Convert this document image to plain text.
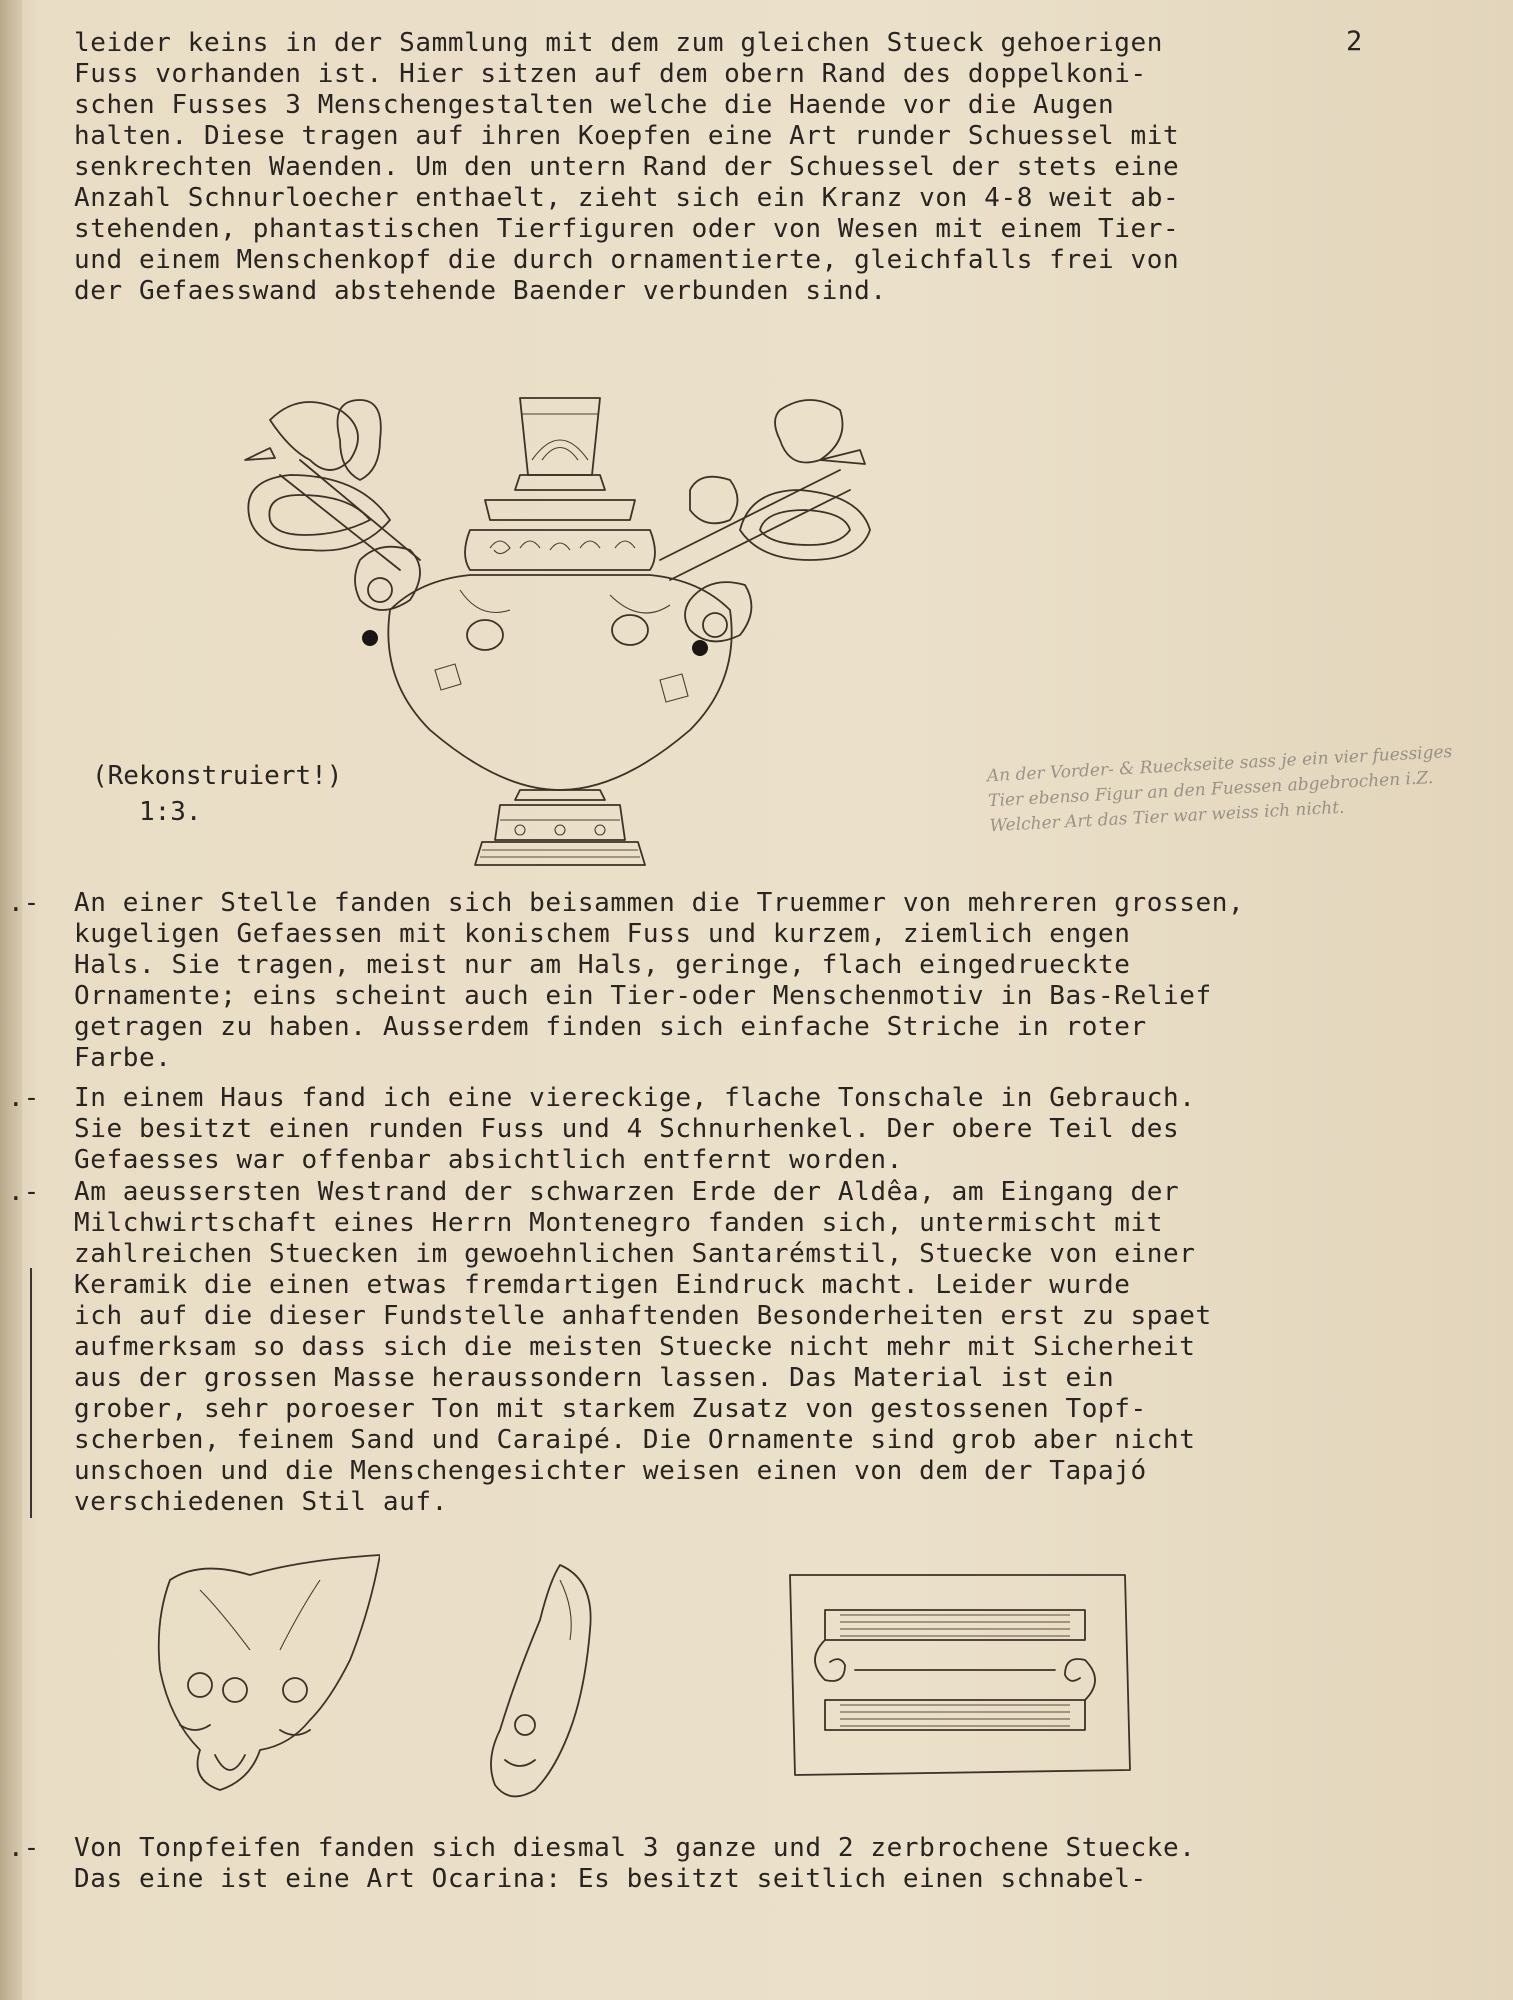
2
leider keins in der Sammlung mit dem zum gleichen Stueck gehoerigen
Fuss vorhanden ist. Hier sitzen auf dem obern Rand des doppelkoni-
schen Fusses 3 Menschengestalten welche die Haende vor die Augen
halten. Diese tragen auf ihren Koepfen eine Art runder Schuessel mit
senkrechten Waenden. Um den untern Rand der Schuessel der stets eine
Anzahl Schnurloecher enthaelt, zieht sich ein Kranz von 4-8 weit ab-
stehenden, phantastischen Tierfiguren oder von Wesen mit einem Tier-
und einem Menschenkopf die durch ornamentierte, gleichfalls frei von
der Gefaesswand abstehende Baender verbunden sind.
(Rekonstruiert!)
1:3.
An der Vorder- & Rueckseite sass je ein vier fuessiges Tier ebenso Figur an den Fuessen abgebrochen i.Z. Welcher Art das Tier war weiss ich nicht.
.-
.-
.-
.-
An einer Stelle fanden sich beisammen die Truemmer von mehreren grossen,
kugeligen Gefaessen mit konischem Fuss und kurzem, ziemlich engen
Hals. Sie tragen, meist nur am Hals, geringe, flach eingedrueckte
Ornamente; eins scheint auch ein Tier-oder Menschenmotiv in Bas-Relief
getragen zu haben. Ausserdem finden sich einfache Striche in roter
Farbe.
In einem Haus fand ich eine viereckige, flache Tonschale in Gebrauch.
Sie besitzt einen runden Fuss und 4 Schnurhenkel. Der obere Teil des
Gefaesses war offenbar absichtlich entfernt worden.
Am aeussersten Westrand der schwarzen Erde der Aldêa, am Eingang der
Milchwirtschaft eines Herrn Montenegro fanden sich, untermischt mit
zahlreichen Stuecken im gewoehnlichen Santarémstil, Stuecke von einer
Keramik die einen etwas fremdartigen Eindruck macht. Leider wurde
ich auf die dieser Fundstelle anhaftenden Besonderheiten erst zu spaet
aufmerksam so dass sich die meisten Stuecke nicht mehr mit Sicherheit
aus der grossen Masse heraussondern lassen. Das Material ist ein
grober, sehr poroeser Ton mit starkem Zusatz von gestossenen Topf-
scherben, feinem Sand und Caraipé. Die Ornamente sind grob aber nicht
unschoen und die Menschengesichter weisen einen von dem der Tapajó
verschiedenen Stil auf.
Von Tonpfeifen fanden sich diesmal 3 ganze und 2 zerbrochene Stuecke.
Das eine ist eine Art Ocarina: Es besitzt seitlich einen schnabel-
